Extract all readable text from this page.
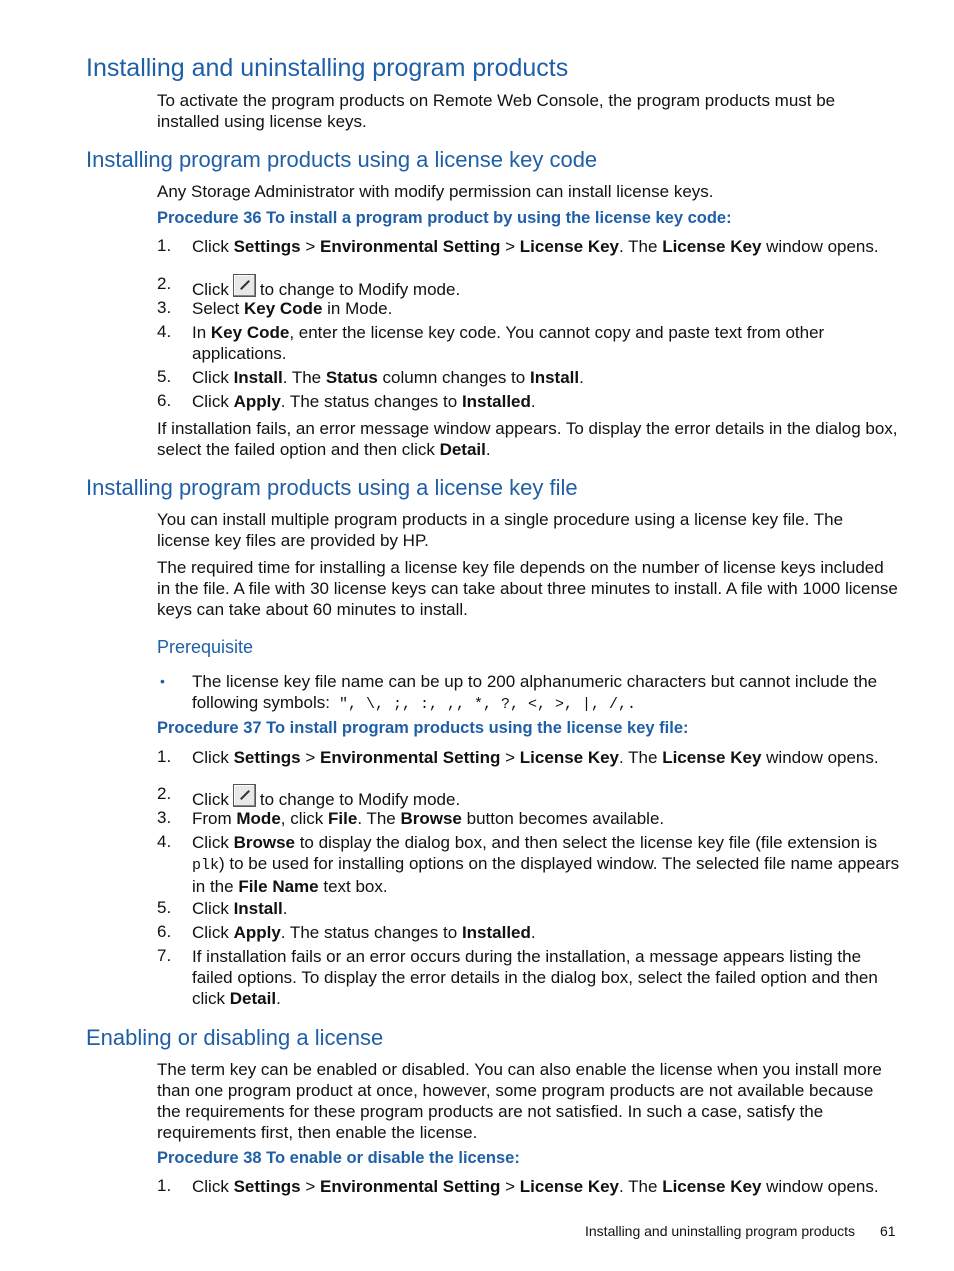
Installing and uninstalling program products
To activate the program products on Remote Web Console, the program products must be installed using license keys.
Installing program products using a license key code
Any Storage Administrator with modify permission can install license keys.
Procedure 36 To install a program product by using the license key code:
1.	Click Settings > Environmental Setting > License Key. The License Key window opens.
2.	Click to change to Modify mode.
3.	Select Key Code in Mode.
4.	In Key Code, enter the license key code. You cannot copy and paste text from other applications.
5.	Click Install. The Status column changes to Install.
6.	Click Apply. The status changes to Installed.
If installation fails, an error message window appears. To display the error details in the dialog box, select the failed option and then click Detail.
Installing program products using a license key file
You can install multiple program products in a single procedure using a license key file. The license key files are provided by HP.
The required time for installing a license key file depends on the number of license keys included in the file. A file with 30 license keys can take about three minutes to install. A file with 1000 license keys can take about 60 minutes to install.
Prerequisite
• The license key file name can be up to 200 alphanumeric characters but cannot include the following symbols: ", \, ;, :, ,, *, ?, <, >, |, /,.
Procedure 37 To install program products using the license key file:
1.	Click Settings > Environmental Setting > License Key. The License Key window opens.
2.	Click to change to Modify mode.
3.	From Mode, click File. The Browse button becomes available.
4.	Click Browse to display the dialog box, and then select the license key file (file extension is plk) to be used for installing options on the displayed window. The selected file name appears in the File Name text box.
5.	Click Install.
6.	Click Apply. The status changes to Installed.
7.	If installation fails or an error occurs during the installation, a message appears listing the failed options. To display the error details in the dialog box, select the failed option and then click Detail.
Enabling or disabling a license
The term key can be enabled or disabled. You can also enable the license when you install more than one program product at once, however, some program products are not available because the requirements for these program products are not satisfied. In such a case, satisfy the requirements first, then enable the license.
Procedure 38 To enable or disable the license:
1.	Click Settings > Environmental Setting > License Key. The License Key window opens.
Installing and uninstalling program products 61
